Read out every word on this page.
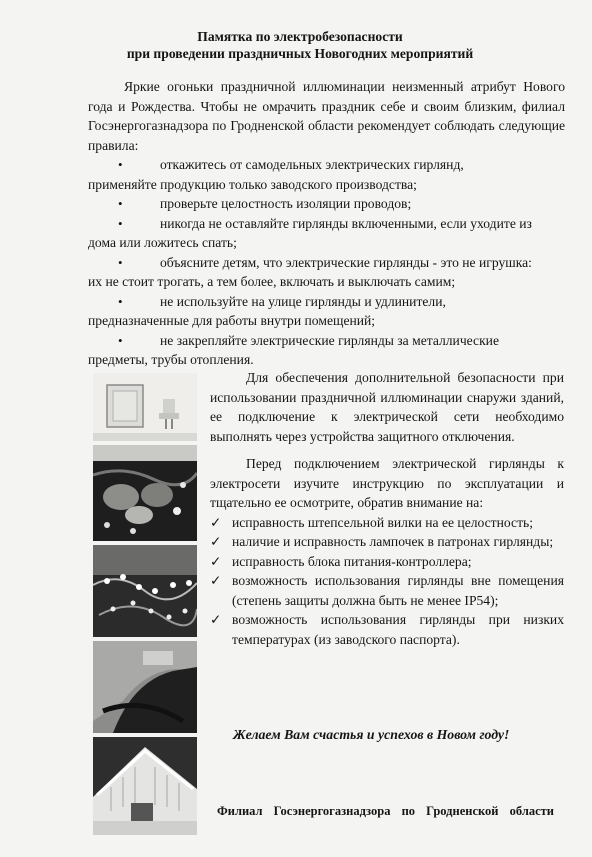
Памятка по электробезопасности
при проведении праздничных Новогодних мероприятий
Яркие огоньки праздничной иллюминации неизменный атрибут Нового года и Рождества. Чтобы не омрачить праздник себе и своим близким, филиал Госэнергогазнадзора по Гродненской области рекомендует соблюдать следующие правила:
•	откажитесь от самодельных электрических гирлянд,
применяйте продукцию только заводского производства;
•	проверьте целостность изоляции проводов;
•	никогда не оставляйте гирлянды включенными, если уходите из
дома или ложитесь спать;
•	объясните детям, что электрические гирлянды - это не игрушка:
их не стоит трогать, а тем более, включать и выключать самим;
•	не используйте на улице гирлянды и удлинители,
предназначенные для работы внутри помещений;
•	не закрепляйте электрические гирлянды за металлические
предметы, трубы отопления.
Для обеспечения дополнительной безопасности при использовании праздничной иллюминации снаружи зданий, ее подключение к электрической сети необходимо выполнять через устройства защитного отключения.
Перед подключением электрической гирлянды к электросети изучите инструкцию по эксплуатации и тщательно ее осмотрите, обратив внимание на:
✓ исправность штепсельной вилки на ее целостность;
✓ наличие и исправность лампочек в патронах гирлянды;
✓ исправность блока питания-контроллера;
✓ возможность использования гирлянды вне помещения (степень защиты должна быть не менее IP54);
✓ возможность использования гирлянды при низких температурах (из заводского паспорта).
Желаем Вам счастья и успехов в Новом году!
Филиал Госэнергогазнадзора по Гродненской области
